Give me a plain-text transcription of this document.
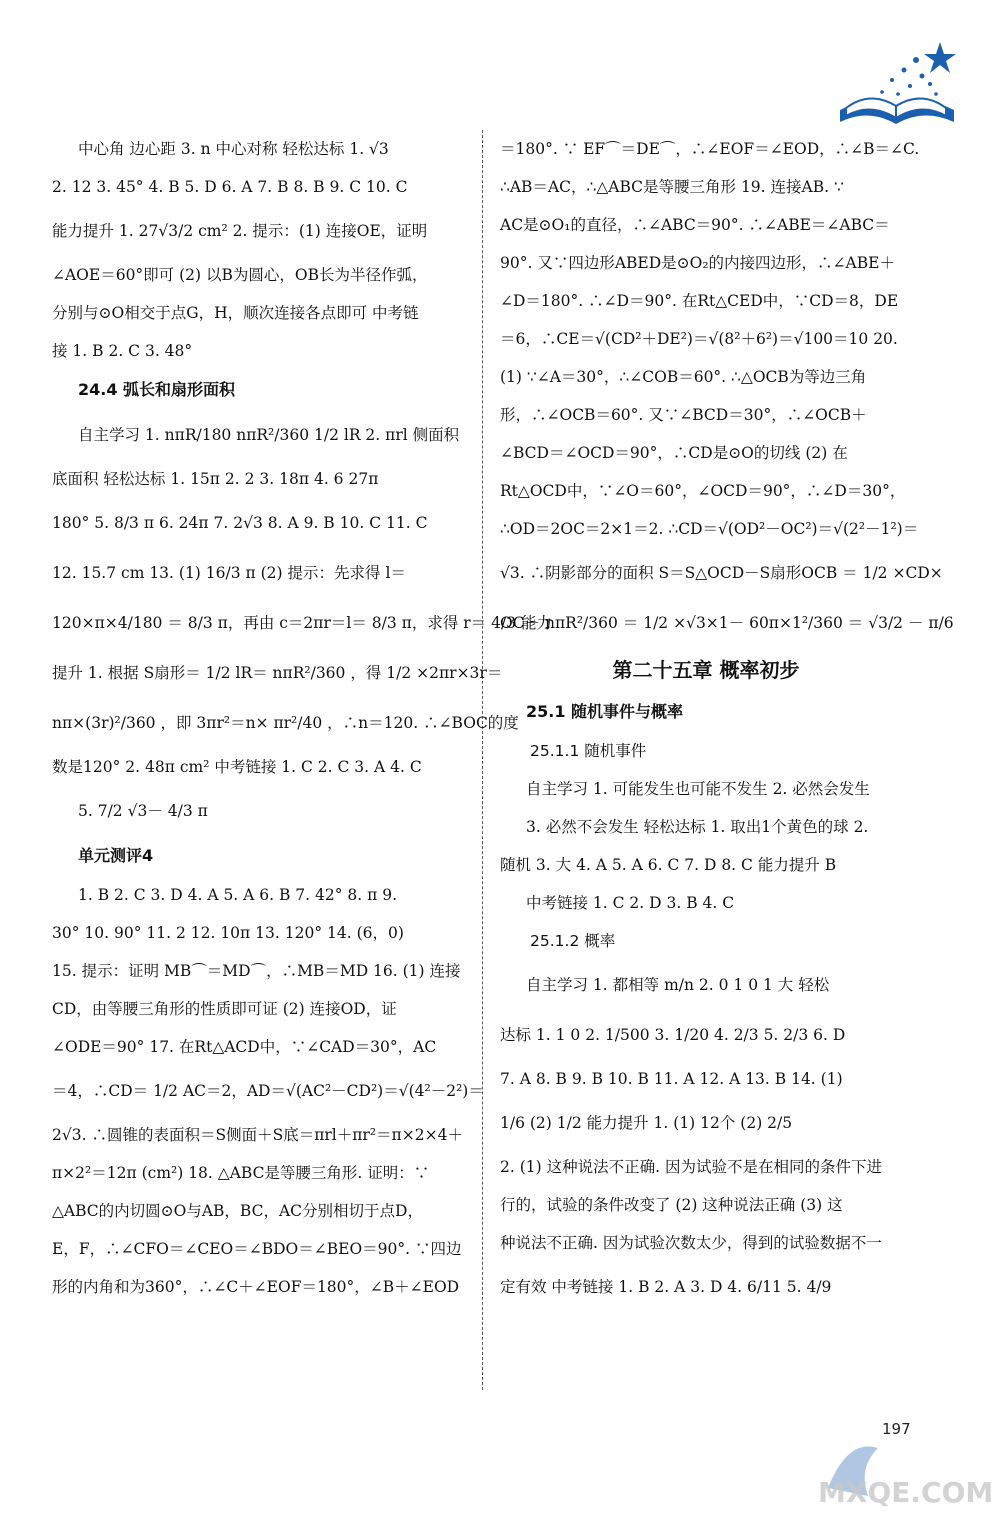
中心角 边心距 3. n 中心对称 轻松达标 1. √3
2. 12 3. 45° 4. B 5. D 6. A 7. B 8. B 9. C 10. C
能力提升 1. 27√3/2 cm² 2. 提示：(1) 连接OE，证明
∠AOE＝60°即可 (2) 以B为圆心，OB长为半径作弧，
分别与⊙O相交于点G，H，顺次连接各点即可 中考链
接 1. B 2. C 3. 48°
24.4 弧长和扇形面积
自主学习 1. nπR/180 nπR²/360 1/2 lR 2. πrl 侧面积
底面积 轻松达标 1. 15π 2. 2 3. 18π 4. 6 27π
180° 5. 8/3 π 6. 24π 7. 2√3 8. A 9. B 10. C 11. C
12. 15.7 cm 13. (1) 16/3 π (2) 提示：先求得 l＝
120×π×4/180 ＝ 8/3 π，再由 c＝2πr＝l＝ 8/3 π，求得 r＝ 4/3 能力
提升 1. 根据 S扇形＝ 1/2 lR＝ nπR²/360 ，得 1/2 ×2πr×3r＝
nπ×(3r)²/360 ，即 3πr²＝n× πr²/40 ，∴n＝120. ∴∠BOC的度
数是120° 2. 48π cm² 中考链接 1. C 2. C 3. A 4. C
5. 7/2 √3－ 4/3 π
单元测评4
1. B 2. C 3. D 4. A 5. A 6. B 7. 42° 8. π 9.
30° 10. 90° 11. 2 12. 10π 13. 120° 14. (6，0)
15. 提示：证明 MB⌒＝MD⌒，∴MB＝MD 16. (1) 连接
CD，由等腰三角形的性质即可证 (2) 连接OD，证
∠ODE＝90° 17. 在Rt△ACD中，∵∠CAD＝30°，AC
＝4，∴CD＝ 1/2 AC＝2，AD＝√(AC²－CD²)＝√(4²－2²)＝
2√3. ∴圆锥的表面积＝S侧面＋S底＝πrl＋πr²＝π×2×4＋
π×2²＝12π (cm²) 18. △ABC是等腰三角形. 证明：∵
△ABC的内切圆⊙O与AB，BC，AC分别相切于点D，
E，F，∴∠CFO＝∠CEO＝∠BDO＝∠BEO＝90°. ∵四边
形的内角和为360°，∴∠C＋∠EOF＝180°，∠B＋∠EOD
＝180°. ∵ EF⌒＝DE⌒，∴∠EOF＝∠EOD，∴∠B＝∠C.
∴AB＝AC，∴△ABC是等腰三角形 19. 连接AB. ∵
AC是⊙O₁的直径，∴∠ABC＝90°. ∴∠ABE＝∠ABC＝
90°. 又∵四边形ABED是⊙O₂的内接四边形，∴∠ABE＋
∠D＝180°. ∴∠D＝90°. 在Rt△CED中，∵CD＝8，DE
＝6，∴CE＝√(CD²＋DE²)＝√(8²＋6²)＝√100＝10 20.
(1) ∵∠A＝30°，∴∠COB＝60°. ∴△OCB为等边三角
形，∴∠OCB＝60°. 又∵∠BCD＝30°，∴∠OCB＋
∠BCD＝∠OCD＝90°，∴CD是⊙O的切线 (2) 在
Rt△OCD中，∵∠O＝60°，∠OCD＝90°，∴∠D＝30°，
∴OD＝2OC＝2×1＝2. ∴CD＝√(OD²－OC²)＝√(2²－1²)＝
√3. ∴阴影部分的面积 S＝S△OCD－S扇形OCB ＝ 1/2 ×CD×
OC－ nπR²/360 ＝ 1/2 ×√3×1－ 60π×1²/360 ＝ √3/2 － π/6
第二十五章 概率初步
25.1 随机事件与概率
25.1.1 随机事件
自主学习 1. 可能发生也可能不发生 2. 必然会发生
3. 必然不会发生 轻松达标 1. 取出1个黄色的球 2.
随机 3. 大 4. A 5. A 6. C 7. D 8. C 能力提升 B
中考链接 1. C 2. D 3. B 4. C
25.1.2 概率
自主学习 1. 都相等 m/n 2. 0 1 0 1 大 轻松
达标 1. 1 0 2. 1/500 3. 1/20 4. 2/3 5. 2/3 6. D
7. A 8. B 9. B 10. B 11. A 12. A 13. B 14. (1)
1/6 (2) 1/2 能力提升 1. (1) 12个 (2) 2/5
2. (1) 这种说法不正确. 因为试验不是在相同的条件下进
行的，试验的条件改变了 (2) 这种说法正确 (3) 这
种说法不正确. 因为试验次数太少，得到的试验数据不一
定有效 中考链接 1. B 2. A 3. D 4. 6/11 5. 4/9
197
MXQE.COM
